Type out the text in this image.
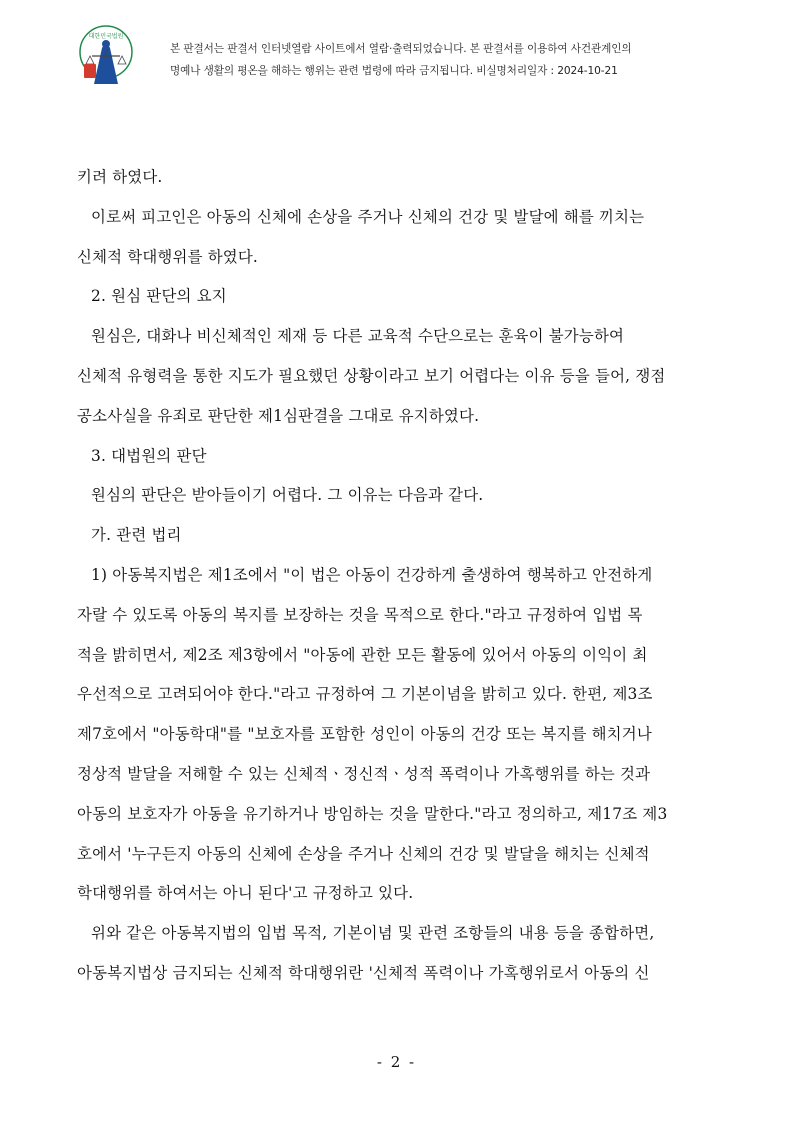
대한민국법원
본 판결서는 판결서 인터넷열람 사이트에서 열람·출력되었습니다. 본 판결서를 이용하여 사건관계인의
명예나 생활의 평온을 해하는 행위는 관련 법령에 따라 금지됩니다. 비실명처리일자 : 2024-10-21

키려 하였다.

이로써 피고인은 아동의 신체에 손상을 주거나 신체의 건강 및 발달에 해를 끼치는

신체적 학대행위를 하였다.

2. 원심 판단의 요지

원심은, 대화나 비신체적인 제재 등 다른 교육적 수단으로는 훈육이 불가능하여

신체적 유형력을 통한 지도가 필요했던 상황이라고 보기 어렵다는 이유 등을 들어, 쟁점

공소사실을 유죄로 판단한 제1심판결을 그대로 유지하였다.

3. 대법원의 판단

원심의 판단은 받아들이기 어렵다. 그 이유는 다음과 같다.

가. 관련 법리

1) 아동복지법은 제1조에서 "이 법은 아동이 건강하게 출생하여 행복하고 안전하게

자랄 수 있도록 아동의 복지를 보장하는 것을 목적으로 한다."라고 규정하여 입법 목

적을 밝히면서, 제2조 제3항에서 "아동에 관한 모든 활동에 있어서 아동의 이익이 최

우선적으로 고려되어야 한다."라고 규정하여 그 기본이념을 밝히고 있다. 한편, 제3조

제7호에서 "아동학대"를 "보호자를 포함한 성인이 아동의 건강 또는 복지를 해치거나

정상적 발달을 저해할 수 있는 신체적ㆍ정신적ㆍ성적 폭력이나 가혹행위를 하는 것과

아동의 보호자가 아동을 유기하거나 방임하는 것을 말한다."라고 정의하고, 제17조 제3

호에서 '누구든지 아동의 신체에 손상을 주거나 신체의 건강 및 발달을 해치는 신체적

학대행위를 하여서는 아니 된다'고 규정하고 있다.

위와 같은 아동복지법의 입법 목적, 기본이념 및 관련 조항들의 내용 등을 종합하면,

아동복지법상 금지되는 신체적 학대행위란 '신체적 폭력이나 가혹행위로서 아동의 신

- 2 -
